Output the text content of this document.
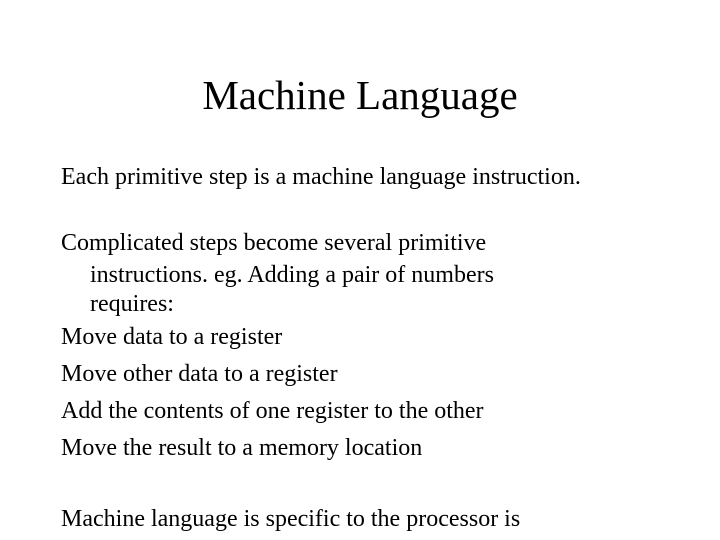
Machine Language

Each primitive step is a machine language instruction.

Complicated steps become several primitive
instructions. eg. Adding a pair of numbers
requires:

Move data to a register

Move other data to a register

Add the contents of one register to the other

Move the result to a memory location

Machine language is specific to the processor is
